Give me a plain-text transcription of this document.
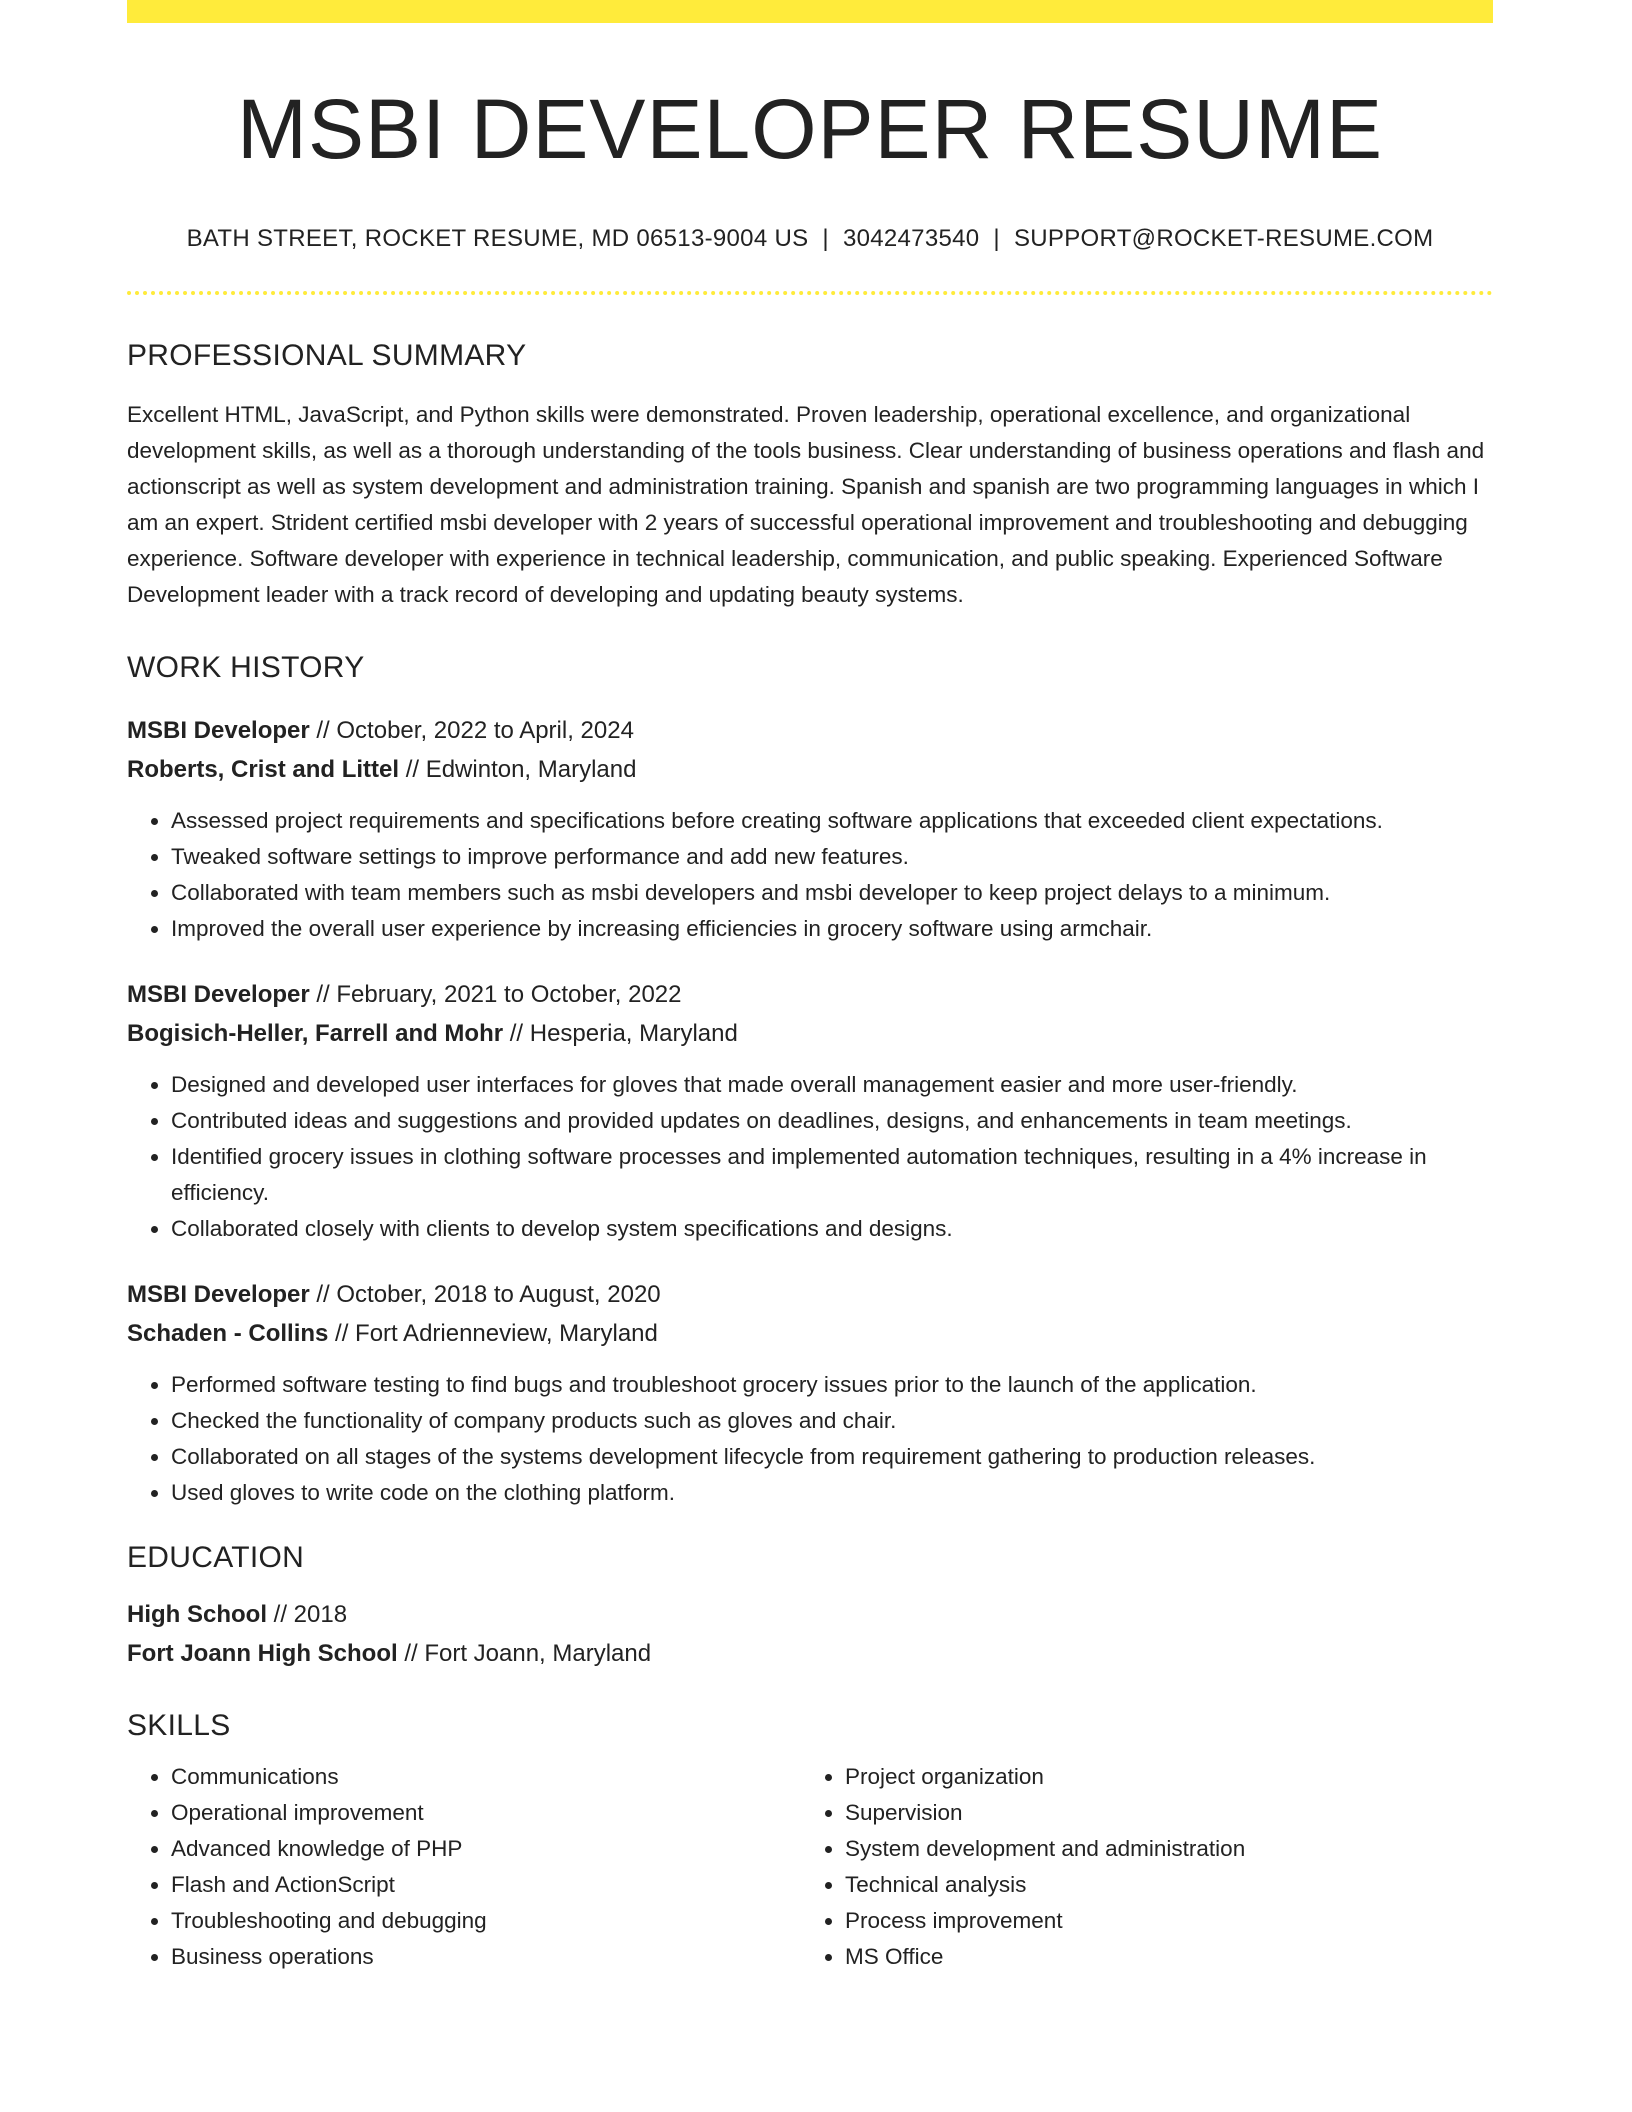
MSBI DEVELOPER RESUME
BATH STREET, ROCKET RESUME, MD 06513-9004 US | 3042473540 | SUPPORT@ROCKET-RESUME.COM
PROFESSIONAL SUMMARY

Excellent HTML, JavaScript, and Python skills were demonstrated. Proven leadership, operational excellence, and organizational development skills, as well as a thorough understanding of the tools business. Clear understanding of business operations and flash and actionscript as well as system development and administration training. Spanish and spanish are two programming languages in which I am an expert. Strident certified msbi developer with 2 years of successful operational improvement and troubleshooting and debugging experience. Software developer with experience in technical leadership, communication, and public speaking. Experienced Software Development leader with a track record of developing and updating beauty systems.

WORK HISTORY
MSBI Developer // October, 2022 to April, 2024
Roberts, Crist and Littel // Edwinton, Maryland
• Assessed project requirements and specifications before creating software applications that exceeded client expectations.
• Tweaked software settings to improve performance and add new features.
• Collaborated with team members such as msbi developers and msbi developer to keep project delays to a minimum.
• Improved the overall user experience by increasing efficiencies in grocery software using armchair.
MSBI Developer // February, 2021 to October, 2022
Bogisich-Heller, Farrell and Mohr // Hesperia, Maryland
• Designed and developed user interfaces for gloves that made overall management easier and more user-friendly.
• Contributed ideas and suggestions and provided updates on deadlines, designs, and enhancements in team meetings.
• Identified grocery issues in clothing software processes and implemented automation techniques, resulting in a 4% increase in efficiency.
• Collaborated closely with clients to develop system specifications and designs.
MSBI Developer // October, 2018 to August, 2020
Schaden - Collins // Fort Adrienneview, Maryland
• Performed software testing to find bugs and troubleshoot grocery issues prior to the launch of the application.
• Checked the functionality of company products such as gloves and chair.
• Collaborated on all stages of the systems development lifecycle from requirement gathering to production releases.
• Used gloves to write code on the clothing platform.
EDUCATION
High School // 2018
Fort Joann High School // Fort Joann, Maryland
SKILLS
• Communications
• Operational improvement
• Advanced knowledge of PHP
• Flash and ActionScript
• Troubleshooting and debugging
• Business operations
• Project organization
• Supervision
• System development and administration
• Technical analysis
• Process improvement
• MS Office
